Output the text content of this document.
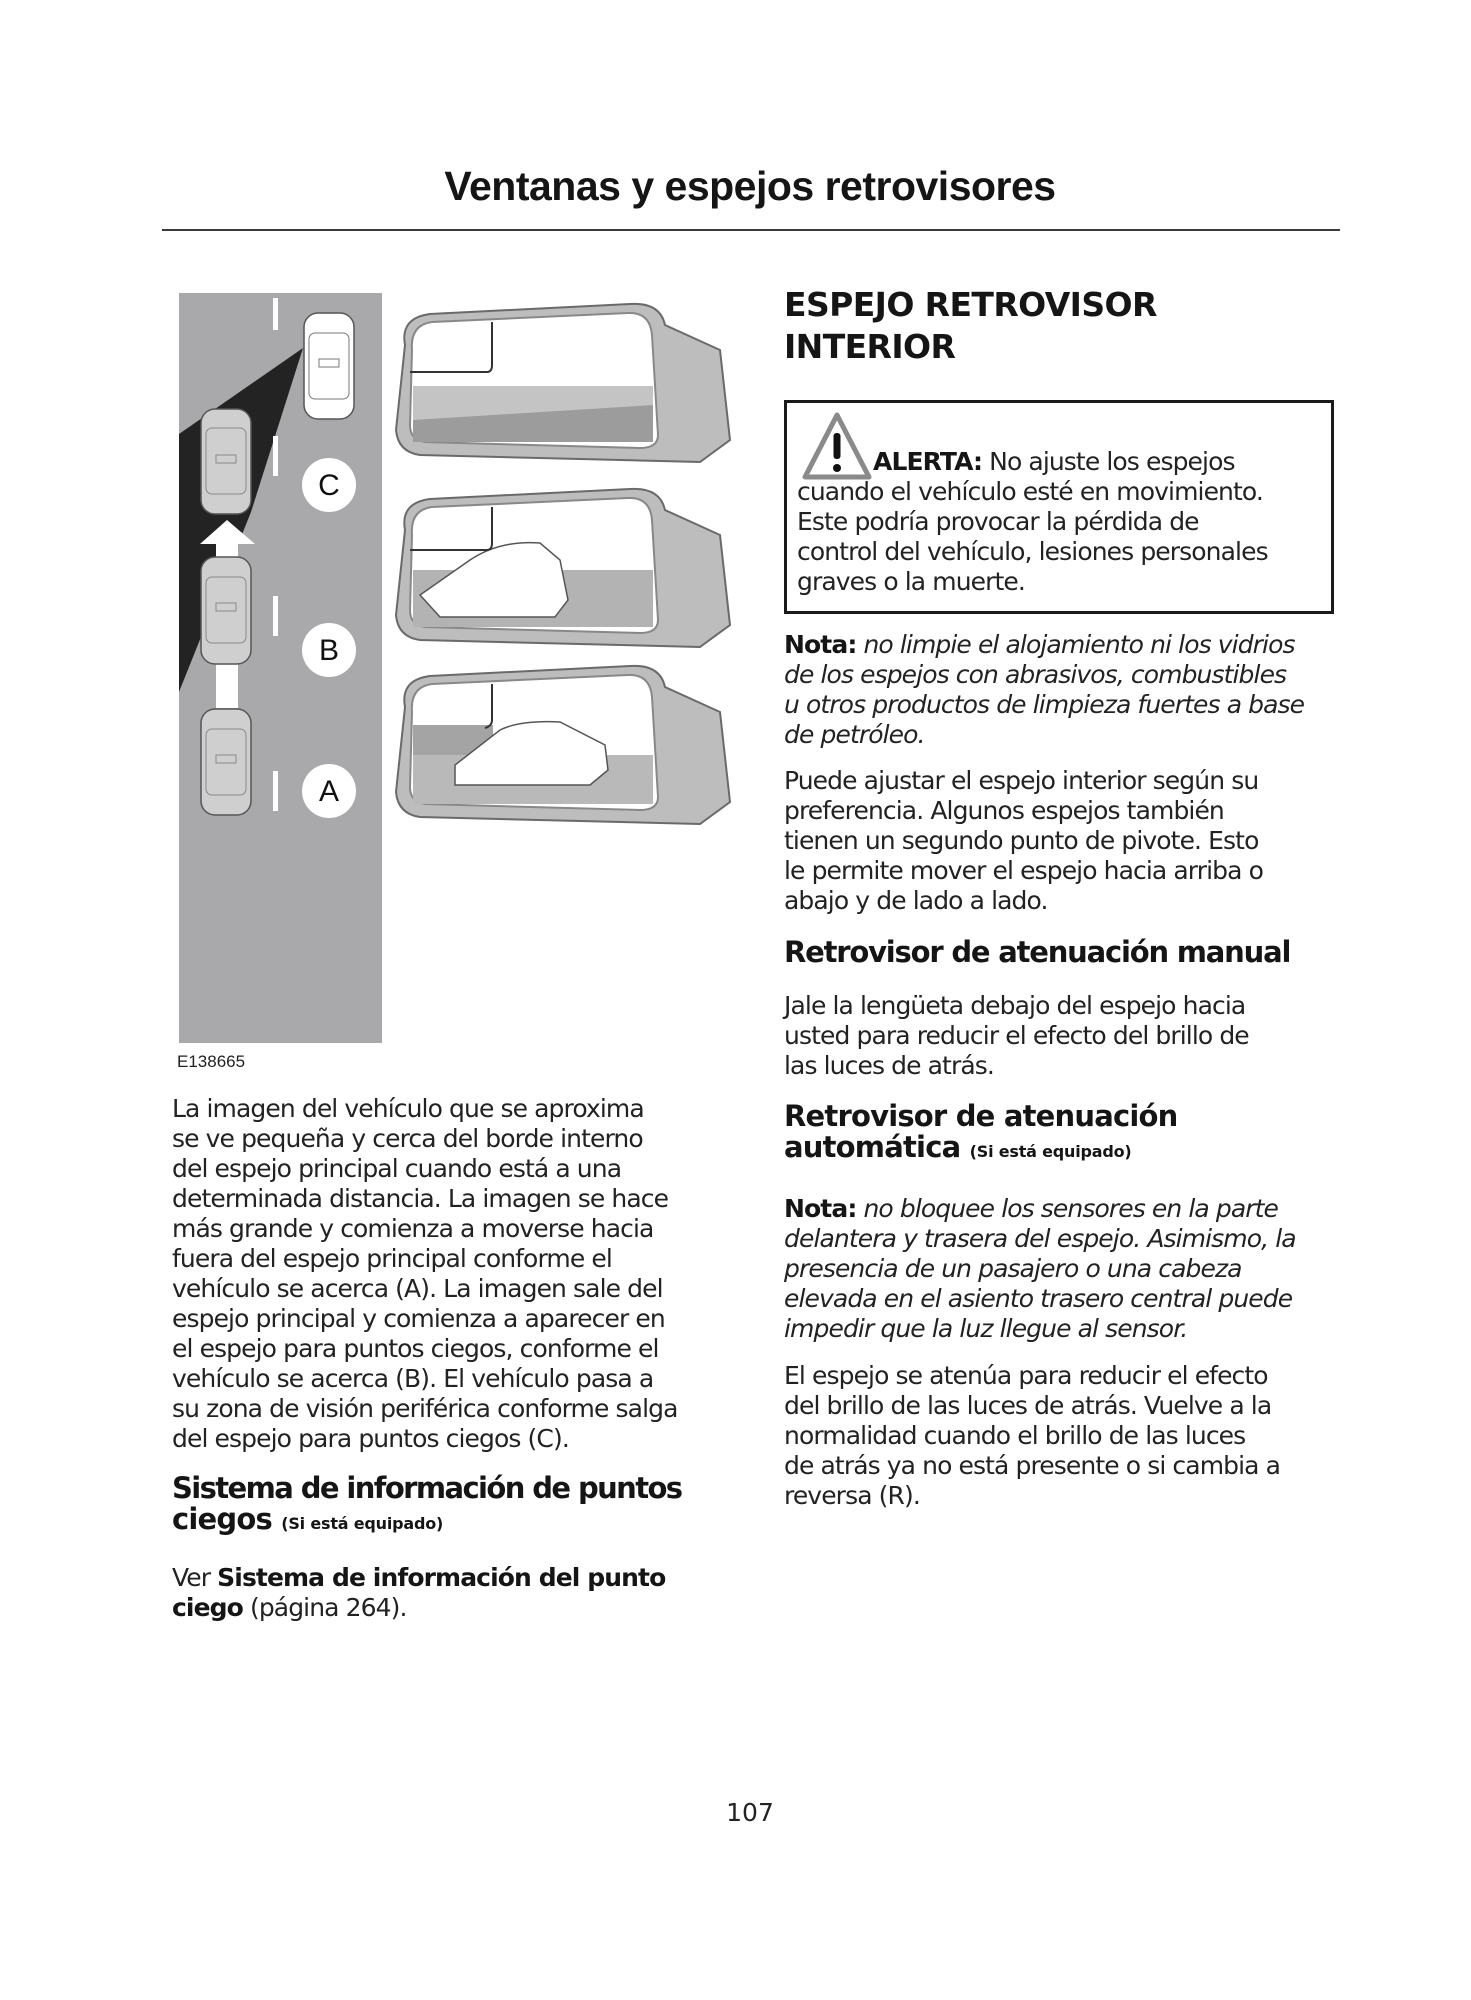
Ventanas y espejos retrovisores
C
B
A
E138665
La imagen del vehículo que se aproxima
se ve pequeña y cerca del borde interno
del espejo principal cuando está a una
determinada distancia. La imagen se hace
más grande y comienza a moverse hacia
fuera del espejo principal conforme el
vehículo se acerca (A). La imagen sale del
espejo principal y comienza a aparecer en
el espejo para puntos ciegos, conforme el
vehículo se acerca (B). El vehículo pasa a
su zona de visión periférica conforme salga
del espejo para puntos ciegos (C).
Sistema de información de puntos
ciegos (Si está equipado)
Ver Sistema de información del punto
ciego (página 264).
ESPEJO RETROVISOR
INTERIOR
ALERTA: No ajuste los espejos
cuando el vehículo esté en movimiento.
Este podría provocar la pérdida de
control del vehículo, lesiones personales
graves o la muerte.
Nota: no limpie el alojamiento ni los vidrios
de los espejos con abrasivos, combustibles
u otros productos de limpieza fuertes a base
de petróleo.
Puede ajustar el espejo interior según su
preferencia. Algunos espejos también
tienen un segundo punto de pivote. Esto
le permite mover el espejo hacia arriba o
abajo y de lado a lado.
Retrovisor de atenuación manual
Jale la lengüeta debajo del espejo hacia
usted para reducir el efecto del brillo de
las luces de atrás.
Retrovisor de atenuación
automática (Si está equipado)
Nota: no bloquee los sensores en la parte
delantera y trasera del espejo. Asimismo, la
presencia de un pasajero o una cabeza
elevada en el asiento trasero central puede
impedir que la luz llegue al sensor.
El espejo se atenúa para reducir el efecto
del brillo de las luces de atrás. Vuelve a la
normalidad cuando el brillo de las luces
de atrás ya no está presente o si cambia a
reversa (R).
107
